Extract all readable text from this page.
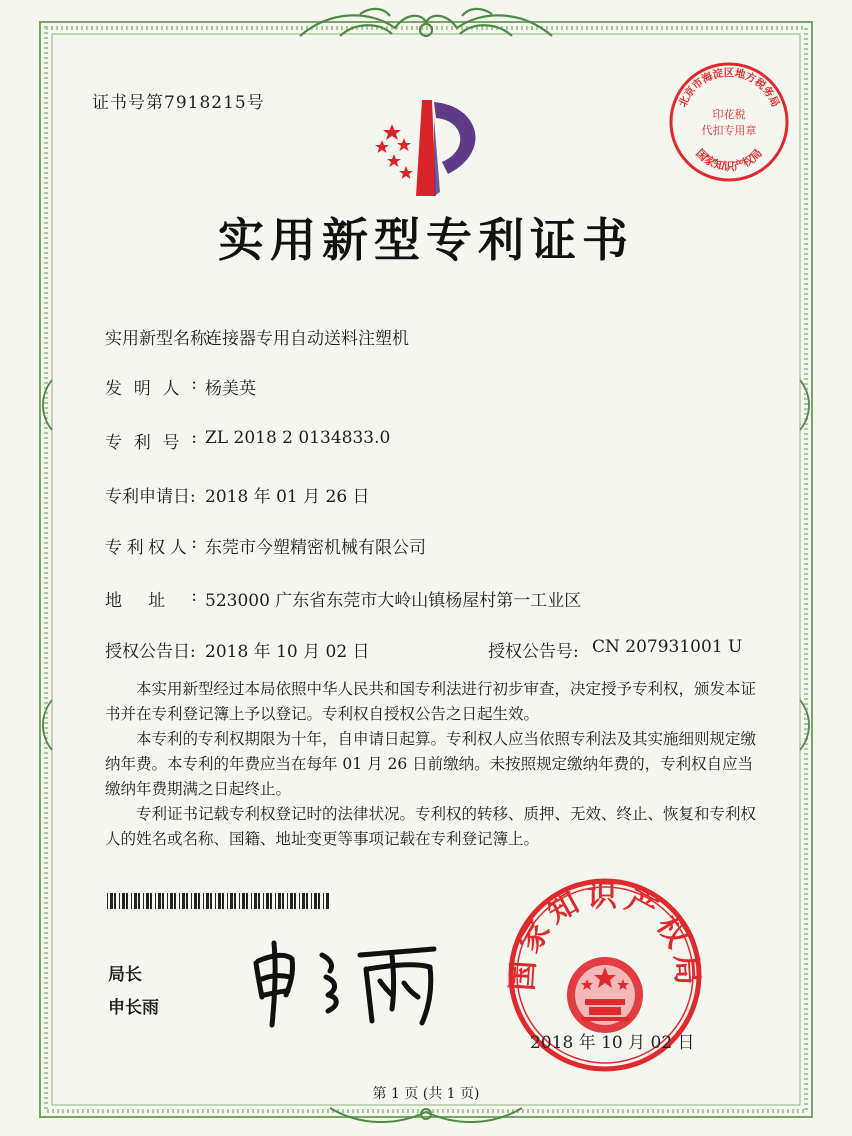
证书号第7918215号	北京市海淀区地方税务局
国家知识产权局
印花税
代扣专用章
实用新型专利证书

实用新型名称:

连接器专用自动送料注塑机

发 明 人 : 杨美英

专 利 号 : ZL 2018 2 0134833.0

专利申请日: 2018 年 01 月 26 日

专 利 权 人 : 东莞市今塑精密机械有限公司

地 址 : 523000 广东省东莞市大岭山镇杨屋村第一工业区

授权公告日: 2018 年 10 月 02 日	授权公告号: CN 207931001 U

本实用新型经过本局依照中华人民共和国专利法进行初步审查，决定授予专利权，颁发本证书并在专利登记簿上予以登记。专利权自授权公告之日起生效。

本专利的专利权期限为十年，自申请日起算。专利权人应当依照专利法及其实施细则规定缴纳年费。本专利的年费应当在每年 01 月 26 日前缴纳。未按照规定缴纳年费的，专利权自应当缴纳年费期满之日起终止。

专利证书记载专利权登记时的法律状况。专利权的转移、质押、无效、终止、恢复和专利权人的姓名或名称、国籍、地址变更等事项记载在专利登记簿上。

局长

申长雨

国家知识产权局

2018 年 10 月 02 日

第 1 页 (共 1 页)
